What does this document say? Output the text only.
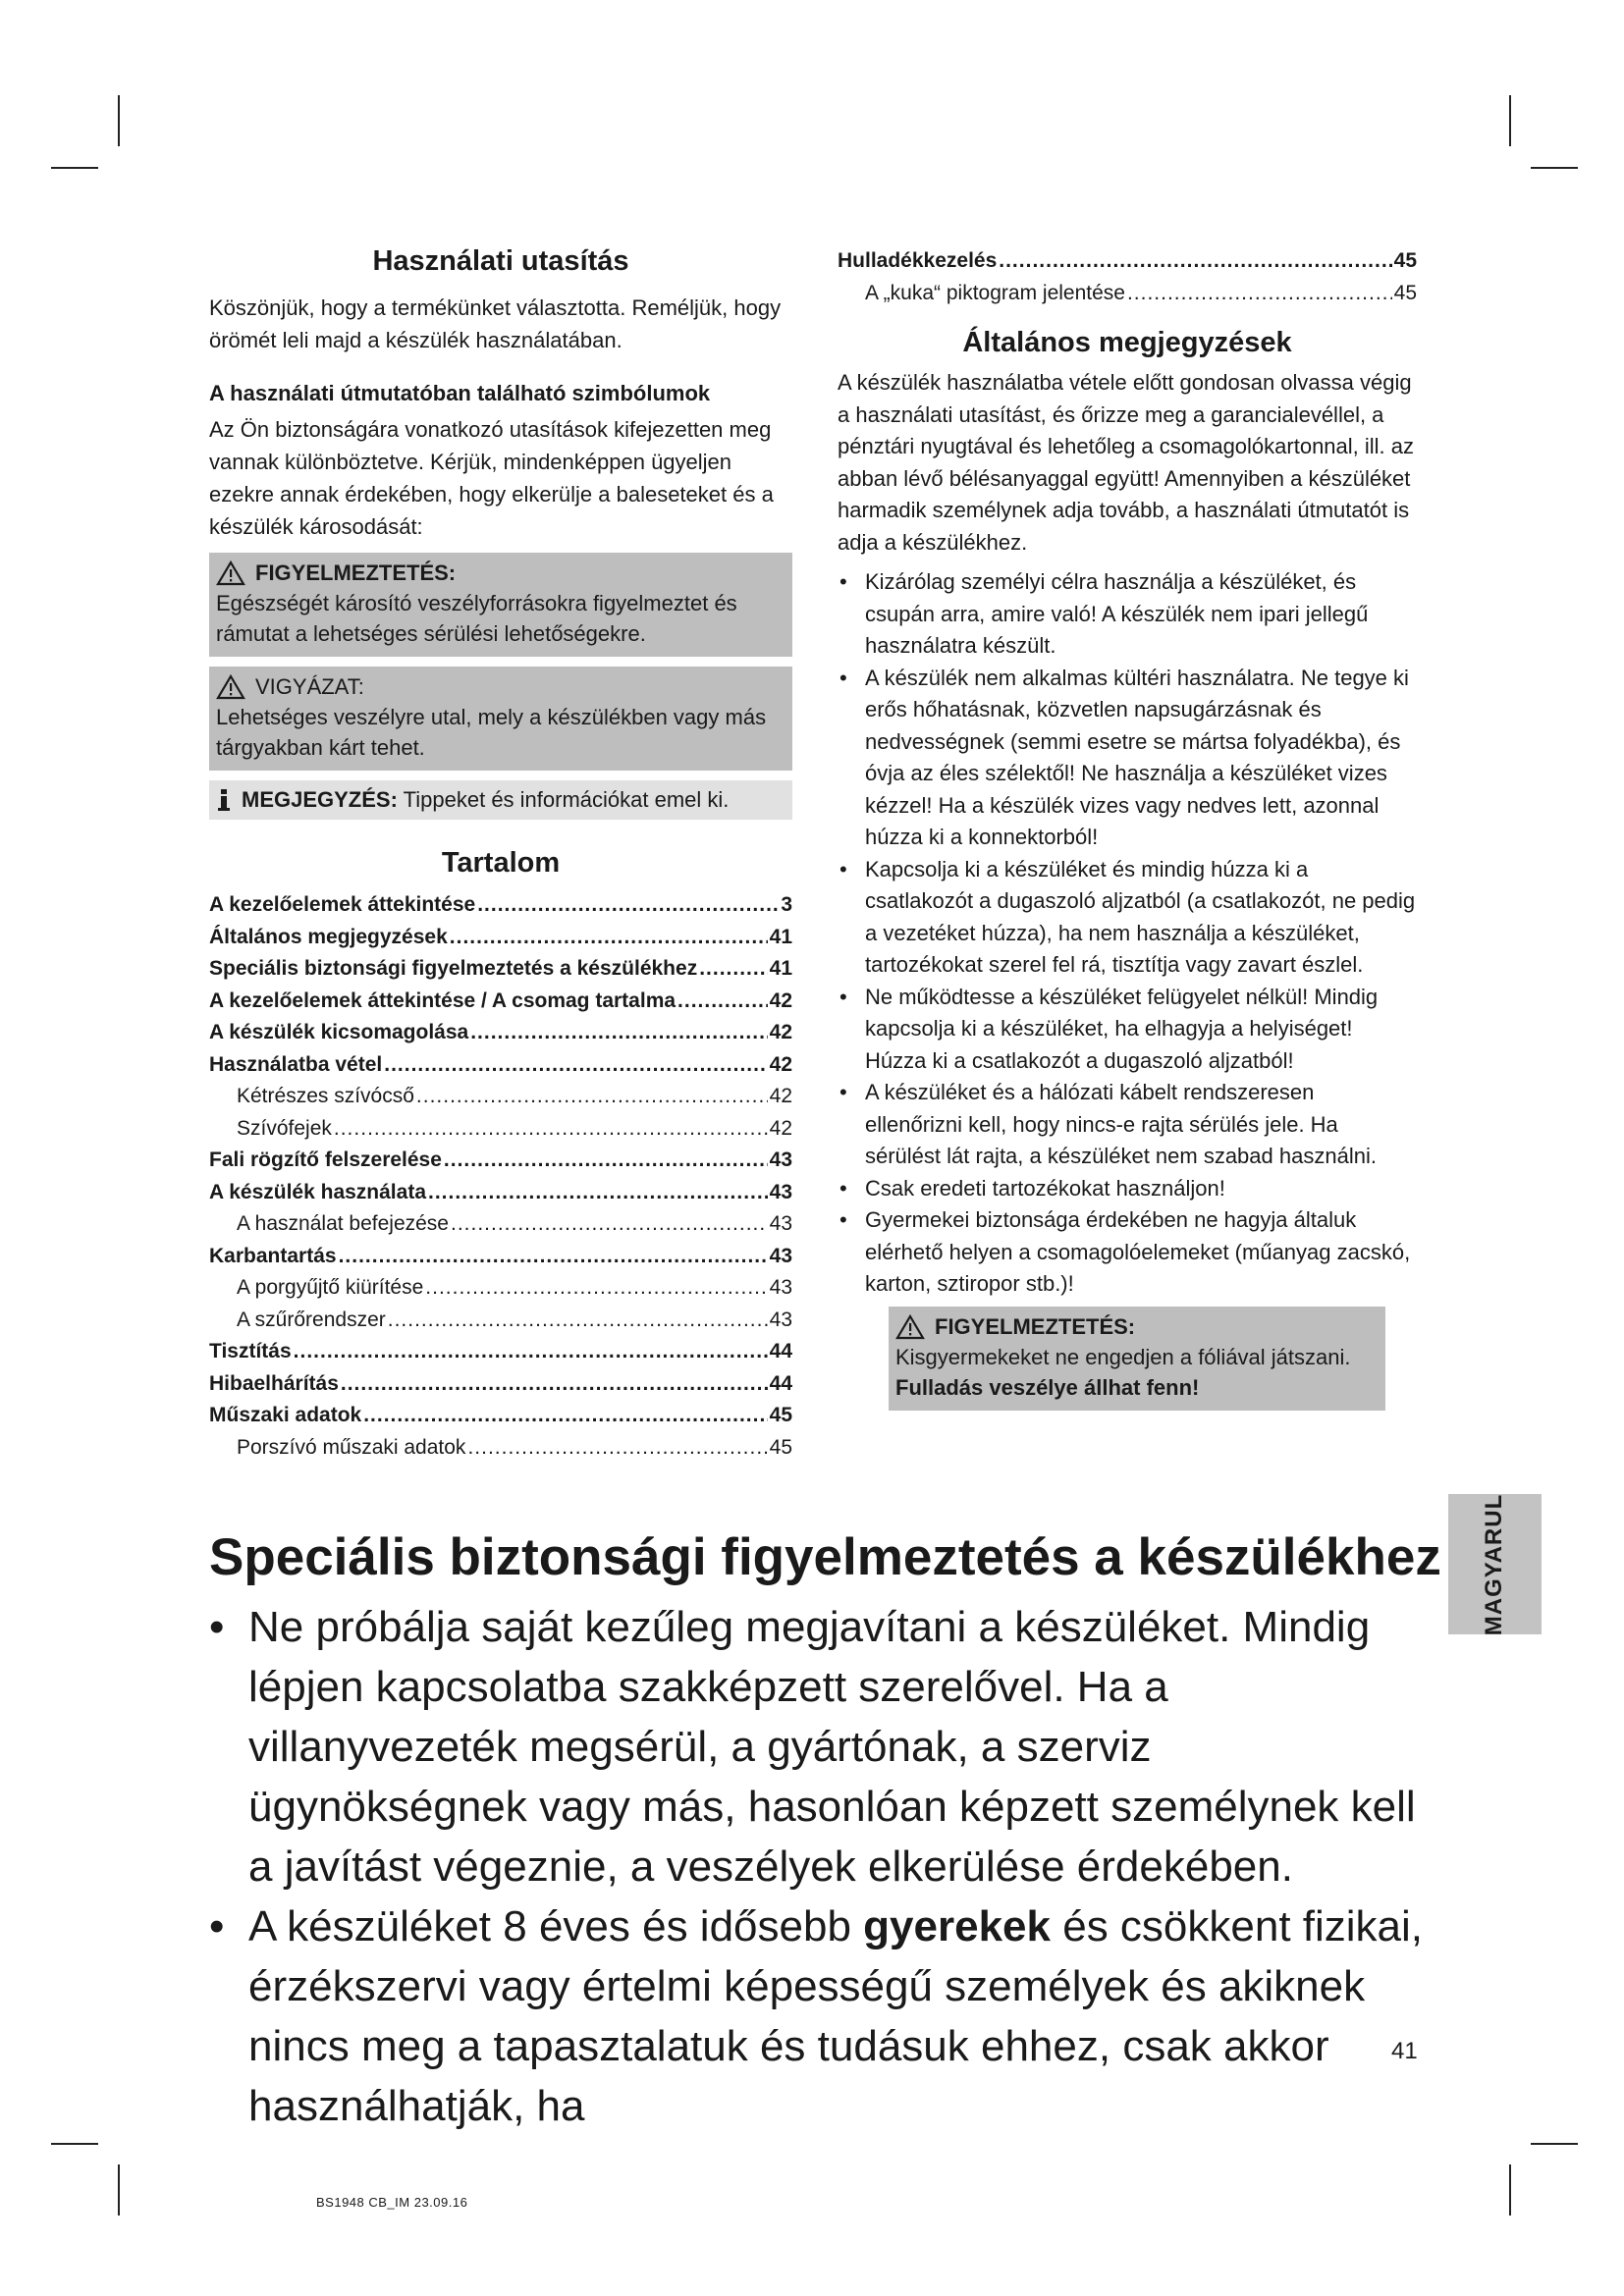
Használati utasítás

Köszönjük, hogy a termékünket választotta. Reméljük, hogy örömét leli majd a készülék használatában.

A használati útmutatóban található szimbólumok

Az Ön biztonságára vonatkozó utasítások kifejezetten meg vannak különböztetve. Kérjük, mindenképpen ügyeljen ezekre annak érdekében, hogy elkerülje a baleseteket és a készülék károsodását:

FIGYELMEZTETÉS:

Egészségét károsító veszélyforrásokra figyelmeztet és rámutat a lehetséges sérülési lehetőségekre.

VIGYÁZAT:

Lehetséges veszélyre utal, mely a készülékben vagy más tárgyakban kárt tehet.

MEGJEGYZÉS: Tippeket és információkat emel ki.
Tartalom
A kezelőelemek áttekintése .....	3
Általános megjegyzések .....	41
Speciális biztonsági figyelmeztetés a készülékhez .....	41
A kezelőelemek áttekintése / A csomag tartalma .....	42
A készülék kicsomagolása .....	42
Használatba vétel .....	42
Kétrészes szívócső .....	42
Szívófejek .....	42
Fali rögzítő felszerelése .....	43
A készülék használata .....	43
A használat befejezése .....	43
Karbantartás .....	43
A porgyűjtő kiürítése .....	43
A szűrőrendszer .....	43
Tisztítás .....	44
Hibaelhárítás .....	44
Műszaki adatok .....	45
Porszívó műszaki adatok .....	45
Hulladékkezelés .....	45
A „kuka“ piktogram jelentése .....	45
Általános megjegyzések

A készülék használatba vétele előtt gondosan olvassa végig a használati utasítást, és őrizze meg a garancialevéllel, a pénztári nyugtával és lehetőleg a csomagolókartonnal, ill. az abban lévő bélésanyaggal együtt! Amennyiben a készüléket harmadik személynek adja tovább, a használati útmutatót is adja a készülékhez.

• Kizárólag személyi célra használja a készüléket, és csupán arra, amire való! A készülék nem ipari jellegű használatra készült.
• A készülék nem alkalmas kültéri használatra. Ne tegye ki erős hőhatásnak, közvetlen napsugárzásnak és nedvességnek (semmi esetre se mártsa folyadékba), és óvja az éles szélektől! Ne használja a készüléket vizes kézzel! Ha a készülék vizes vagy nedves lett, azonnal húzza ki a konnektorból!
• Kapcsolja ki a készüléket és mindig húzza ki a csatlakozót a dugaszoló aljzatból (a csatlakozót, ne pedig a vezetéket húzza), ha nem használja a készüléket, tartozékokat szerel fel rá, tisztítja vagy zavart észlel.
• Ne működtesse a készüléket felügyelet nélkül! Mindig kapcsolja ki a készüléket, ha elhagyja a helyiséget! Húzza ki a csatlakozót a dugaszoló aljzatból!
• A készüléket és a hálózati kábelt rendszeresen ellenőrizni kell, hogy nincs-e rajta sérülés jele. Ha sérülést lát rajta, a készüléket nem szabad használni.
• Csak eredeti tartozékokat használjon!
• Gyermekei biztonsága érdekében ne hagyja általuk elérhető helyen a csomagolóelemeket (műanyag zacskó, karton, sztiropor stb.)!
FIGYELMEZTETÉS:

Kisgyermekeket ne engedjen a fóliával játszani.

Fulladás veszélye állhat fenn!

Speciális biztonsági figyelmeztetés a készülékhez
• Ne próbálja saját kezűleg megjavítani a készüléket. Mindig lépjen kapcsolatba szakképzett szerelővel. Ha a villanyvezeték megsérül, a gyártónak, a szerviz ügynökségnek vagy más, hasonlóan képzett személynek kell a javítást végeznie, a veszélyek elkerülése érdekében.
• A készüléket 8 éves és idősebb gyerekek és csökkent fizikai, érzékszervi vagy értelmi képességű személyek és akiknek nincs meg a tapasztalatuk és tudásuk ehhez, csak akkor használhatják, ha
MAGYARUL
41
BS1948 CB_IM 23.09.16
